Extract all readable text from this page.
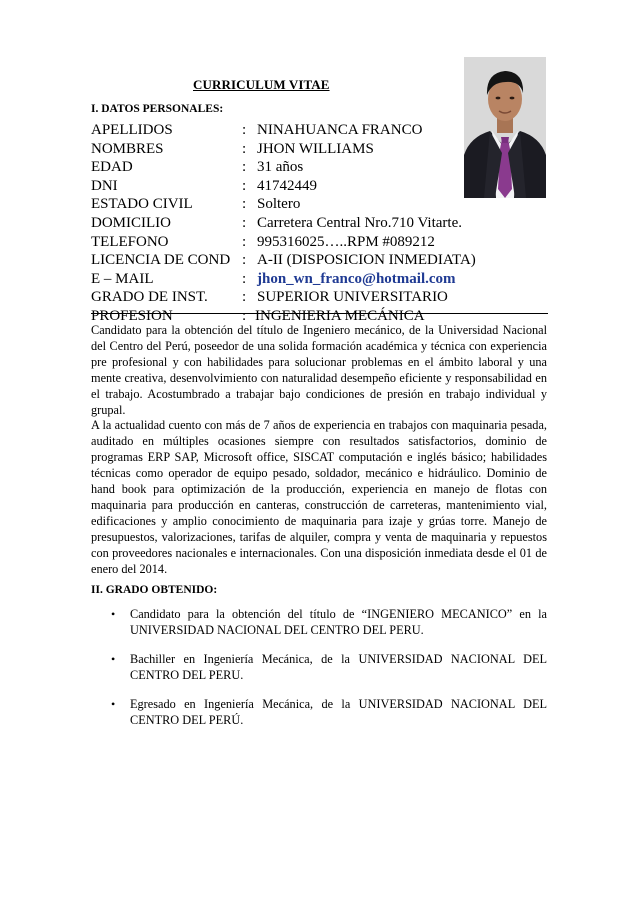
CURRICULUM VITAE
I. DATOS PERSONALES:
APELLIDOS	: NINAHUANCA FRANCO
NOMBRES	: JHON WILLIAMS
EDAD	: 31 años
DNI	: 41742449
ESTADO CIVIL	: Soltero
DOMICILIO	: Carretera Central Nro.710 Vitarte.
TELEFONO	: 995316025…..RPM #089212
LICENCIA DE COND : A-II (DISPOSICION INMEDIATA)
E – MAIL	: jhon_wn_franco@hotmail.com
GRADO DE INST. : SUPERIOR UNIVERSITARIO
PROFESION	: INGENIERIA MECÁNICA

Candidato para la obtención del título de Ingeniero mecánico, de la Universidad Nacional del Centro del Perú, poseedor de una solida formación académica y técnica con experiencia pre profesional y con habilidades para solucionar problemas en el ámbito laboral y una mente creativa, desenvolvimiento con naturalidad desempeño eficiente y responsabilidad en el trabajo. Acostumbrado a trabajar bajo condiciones de presión en trabajo individual y grupal.

A la actualidad cuento con más de 7 años de experiencia en trabajos con maquinaria pesada, auditado en múltiples ocasiones siempre con resultados satisfactorios, dominio de programas ERP SAP, Microsoft office, SISCAT computación e inglés básico; habilidades técnicas como operador de equipo pesado, soldador, mecánico e hidráulico. Dominio de hand book para optimización de la producción, experiencia en manejo de flotas con maquinaria para producción en canteras, construcción de carreteras, mantenimiento vial, edificaciones y amplio conocimiento de maquinaria para izaje y grúas torre. Manejo de presupuestos, valorizaciones, tarifas de alquiler, compra y venta de maquinaria y repuestos con proveedores nacionales e internacionales. Con una disposición inmediata desde el 01 de enero del 2014.

II. GRADO OBTENIDO:
• Candidato para la obtención del título de “INGENIERO MECANICO” en la UNIVERSIDAD NACIONAL DEL CENTRO DEL PERU.
• Bachiller en Ingeniería Mecánica, de la UNIVERSIDAD NACIONAL DEL CENTRO DEL PERU.
• Egresado en Ingeniería Mecánica, de la UNIVERSIDAD NACIONAL DEL CENTRO DEL PERÚ.
